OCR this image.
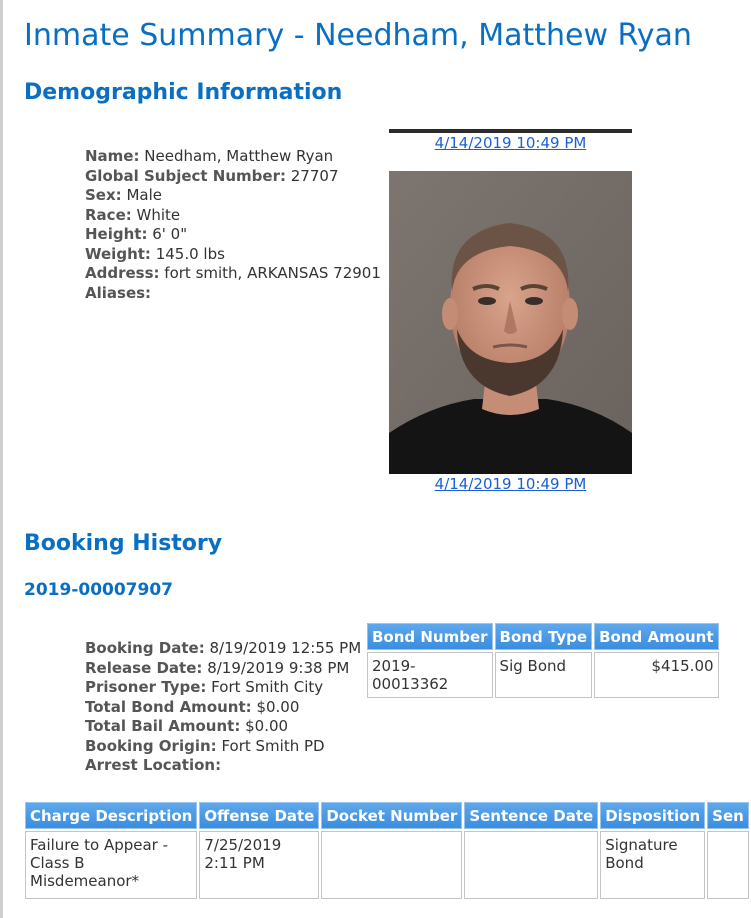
Inmate Summary - Needham, Matthew Ryan
Demographic Information
Name: Needham, Matthew Ryan
Global Subject Number: 27707
Sex: Male
Race: White
Height: 6' 0"
Weight: 145.0 lbs
Address: fort smith, ARKANSAS 72901
Aliases:
4/14/2019 10:49 PM
4/14/2019 10:49 PM
Booking History
2019-00007907
Booking Date: 8/19/2019 12:55 PM
Release Date: 8/19/2019 9:38 PM
Prisoner Type: Fort Smith City
Total Bond Amount: $0.00
Total Bail Amount: $0.00
Booking Origin: Fort Smith PD
Arrest Location:
Bond Number	Bond Type	Bond Amount
2019-00013362	Sig Bond	$415.00
Charge Description	Offense Date	Docket Number	Sentence Date	Disposition	Sen
Failure to Appear - Class B Misdemeanor*	7/25/2019 2:11 PM			Signature Bond	
